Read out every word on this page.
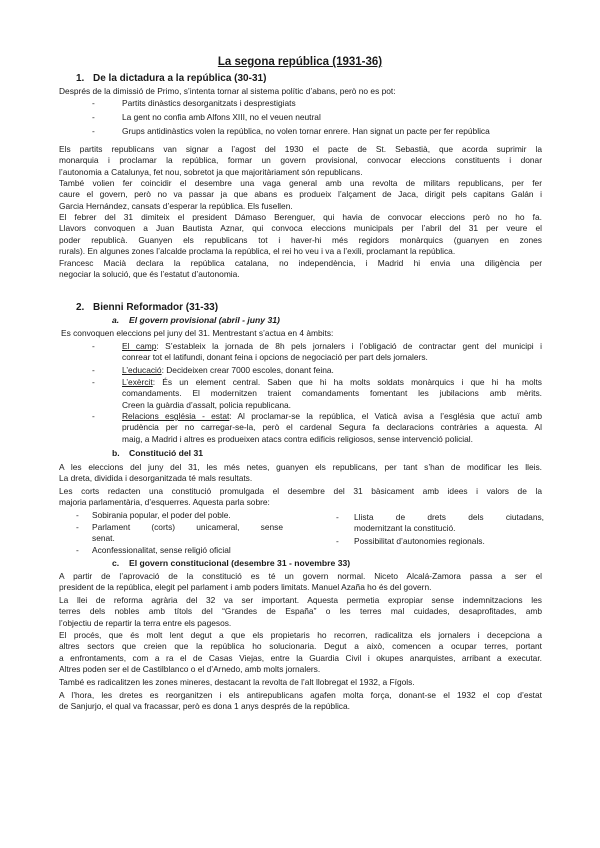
La segona república (1931-36)
1. De la dictadura a la república (30-31)
Després de la dimissió de Primo, s’intenta tornar al sistema polític d’abans, però no es pot:
-	Partits dinàstics desorganitzats i desprestigiats
-	La gent no confia amb Alfons XIII, no el veuen neutral
-	Grups antidinàstics volen la república, no volen tornar enrere. Han signat un pacte per fer república
Els partits republicans van signar a l’agost del 1930 el pacte de St. Sebastià, que acorda suprimir la
monarquia i proclamar la república, formar un govern provisional, convocar eleccions constituents i donar
l’autonomia a Catalunya, fet nou, sobretot ja que majoritàriament són republicans.
També volien fer coincidir el desembre una vaga general amb una revolta de militars republicans, per fer
caure el govern, però no va passar ja que abans es produeix l’alçament de Jaca, dirigit pels capitans Galán i
Garcia Hernández, cansats d’esperar la república. Els fusellen.
El febrer del 31 dimiteix el president Dámaso Berenguer, qui havia de convocar eleccions però no ho fa.
Llavors convoquen a Juan Bautista Aznar, qui convoca eleccions municipals per l’abril del 31 per veure el
poder republicà. Guanyen els republicans tot i haver-hi més regidors monàrquics (guanyen en zones
rurals). En algunes zones l’alcalde proclama la república, el rei ho veu i va a l’exili, proclamant la república.
Francesc Macià declara la república catalana, no independència, i Madrid hi envia una diligència per
negociar la solució, que és l’estatut d’autonomia.
2. Bienni Reformador (31-33)
a. El govern provisional (abril - juny 31)
Es convoquen eleccions pel juny del 31. Mentrestant s’actua en 4 àmbits:
-	El camp: S’estableix la jornada de 8h pels jornalers i l’obligació de contractar gent del municipi i
conrear tot el latifundi, donant feina i opcions de negociació per part dels jornalers.
-	L’educació: Decideixen crear 7000 escoles, donant feina.
-	L’exèrcit: És un element central. Saben que hi ha molts soldats monàrquics i que hi ha molts
comandaments. El modernitzen traient comandaments fomentant les jubilacions amb mèrits.
Creen la guàrdia d’assalt, policia republicana.
-	Relacions església - estat: Al proclamar-se la república, el Vaticà avisa a l’església que actuï amb
prudència per no carregar-se-la, però el cardenal Segura fa declaracions contràries a aquesta. Al
maig, a Madrid i altres es produeixen atacs contra edificis religiosos, sense intervenció policial.
b. Constitució del 31
A les eleccions del juny del 31, les més netes, guanyen els republicans, per tant s’han de modificar les lleis.
La dreta, dividida i desorganitzada té mals resultats.
Les corts redacten una constitució promulgada el desembre del 31 bàsicament amb idees i valors de la
majoria parlamentària, d’esquerres. Aquesta parla sobre:
- Sobirania popular, el poder del poble.
- Parlament (corts) unicameral, sense
senat.
- Aconfessionalitat, sense religió oficial
- Llista de drets dels ciutadans,
modernitzant la constitució.
- Possibilitat d’autonomies regionals.
c. El govern constitucional (desembre 31 - novembre 33)
A partir de l’aprovació de la constitució es té un govern normal. Niceto Alcalá-Zamora passa a ser el
president de la república, elegit pel parlament i amb poders limitats. Manuel Azaña ho és del govern.
La llei de reforma agrària del 32 va ser important. Aquesta permetia expropiar sense indemnitzacions les
terres dels nobles amb títols del “Grandes de España” o les terres mal cuidades, desaprofitades, amb
l’objectiu de repartir la terra entre els pagesos.
El procés, que és molt lent degut a que els propietaris ho recorren, radicalitza els jornalers i decepciona a
altres sectors que creien que la república ho solucionaria. Degut a això, comencen a ocupar terres, portant
a enfrontaments, com a ra el de Casas Viejas, entre la Guardia Civil i okupes anarquistes, arribant a executar.
Altres poden ser el de Castilblanco o el d’Arnedo, amb molts jornalers.
També es radicalitzen les zones mineres, destacant la revolta de l’alt llobregat el 1932, a Fígols.
A l’hora, les dretes es reorganitzen i els antirepublicans agafen molta força, donant-se el 1932 el cop d’estat
de Sanjurjo, el qual va fracassar, però es dona 1 anys després de la república.
